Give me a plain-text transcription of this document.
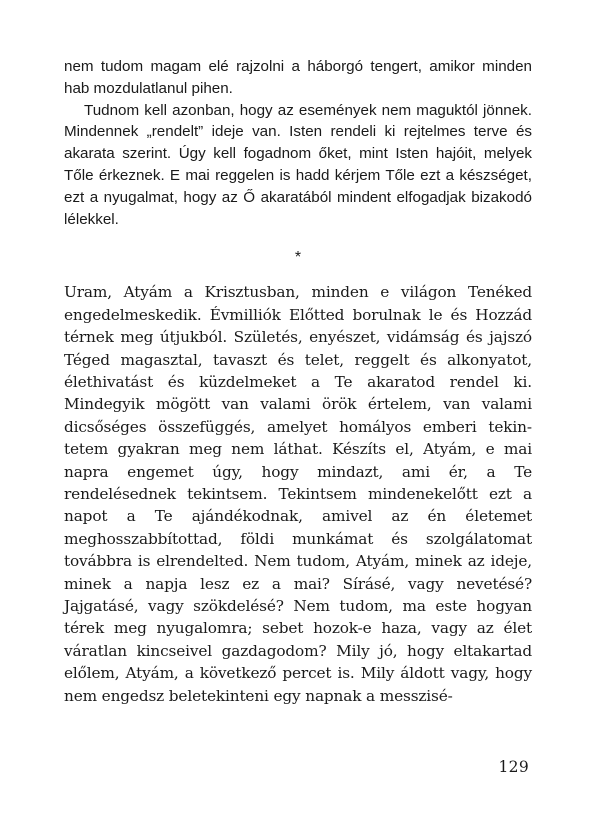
nem tudom magam elé rajzolni a háborgó tengert, amikor minden hab mozdulatlanul pihen.

Tudnom kell azonban, hogy az események nem maguktól jönnek. Mindennek „rendelt” ideje van. Isten rendeli ki rejtelmes terve és akarata szerint. Úgy kell fogadnom őket, mint Isten hajóit, melyek Tőle érkeznek. E mai reggelen is hadd kérjem Tőle ezt a készséget, ezt a nyugalmat, hogy az Ő akaratából mindent elfogadjak bizakodó lélekkel.

*

Uram, Atyám a Krisztusban, minden e világon Tenéked engedelmeskedik. Évmilliók Előtted borulnak le és Hozzád térnek meg útjukból. Születés, enyészet, vidámság és jajszó Téged magasztal, tavaszt és telet, reggelt és alkonyatot, élethivatást és küzdelmeket a Te akaratod rendel ki. Mindegyik mögött van valami örök értelem, van valami dicsőséges összefüggés, amelyet homályos emberi tekintetem gyakran meg nem láthat. Készíts el, Atyám, e mai napra engemet úgy, hogy mindazt, ami ér, a Te rendelésednek tekintsem. Tekintsem mindenekelőtt ezt a napot a Te ajándékodnak, amivel az én életemet meghosszabbítottad, földi munkámat és szolgálatomat továbbra is elrendelted. Nem tudom, Atyám, minek az ideje, minek a napja lesz ez a mai? Sírásé, vagy nevetésé? Jajgatásé, vagy szökdelésé? Nem tudom, ma este hogyan térek meg nyugalomra; sebet hozok-e haza, vagy az élet váratlan kincseivel gazdagodom? Mily jó, hogy eltakartad előlem, Atyám, a következő percet is. Mily áldott vagy, hogy nem engedsz beletekinteni egy napnak a messzisé-

129
